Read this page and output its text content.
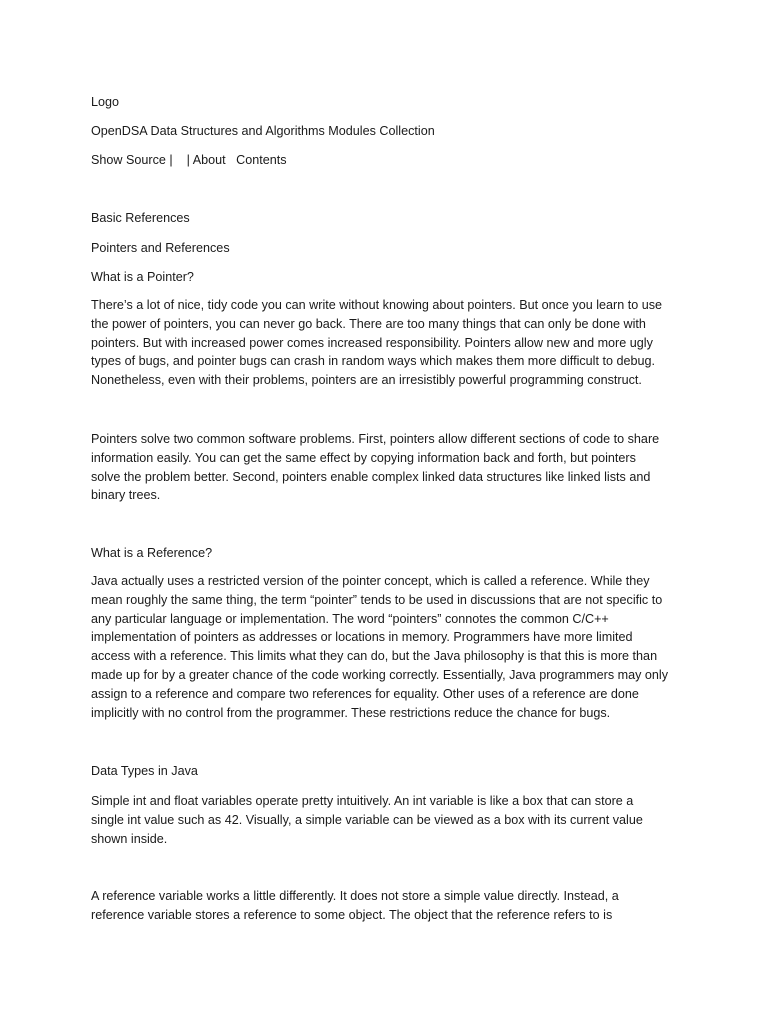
Logo
OpenDSA Data Structures and Algorithms Modules Collection
Show Source |    | About Contents
Basic References
Pointers and References
What is a Pointer?
There’s a lot of nice, tidy code you can write without knowing about pointers. But once you learn to use
the power of pointers, you can never go back. There are too many things that can only be done with
pointers. But with increased power comes increased responsibility. Pointers allow new and more ugly
types of bugs, and pointer bugs can crash in random ways which makes them more difficult to debug.
Nonetheless, even with their problems, pointers are an irresistibly powerful programming construct.
Pointers solve two common software problems. First, pointers allow different sections of code to share
information easily. You can get the same effect by copying information back and forth, but pointers
solve the problem better. Second, pointers enable complex linked data structures like linked lists and
binary trees.
What is a Reference?
Java actually uses a restricted version of the pointer concept, which is called a reference. While they
mean roughly the same thing, the term “pointer” tends to be used in discussions that are not specific to
any particular language or implementation. The word “pointers” connotes the common C/C++
implementation of pointers as addresses or locations in memory. Programmers have more limited
access with a reference. This limits what they can do, but the Java philosophy is that this is more than
made up for by a greater chance of the code working correctly. Essentially, Java programmers may only
assign to a reference and compare two references for equality. Other uses of a reference are done
implicitly with no control from the programmer. These restrictions reduce the chance for bugs.
Data Types in Java
Simple int and float variables operate pretty intuitively. An int variable is like a box that can store a
single int value such as 42. Visually, a simple variable can be viewed as a box with its current value
shown inside.
A reference variable works a little differently. It does not store a simple value directly. Instead, a
reference variable stores a reference to some object. The object that the reference refers to is
